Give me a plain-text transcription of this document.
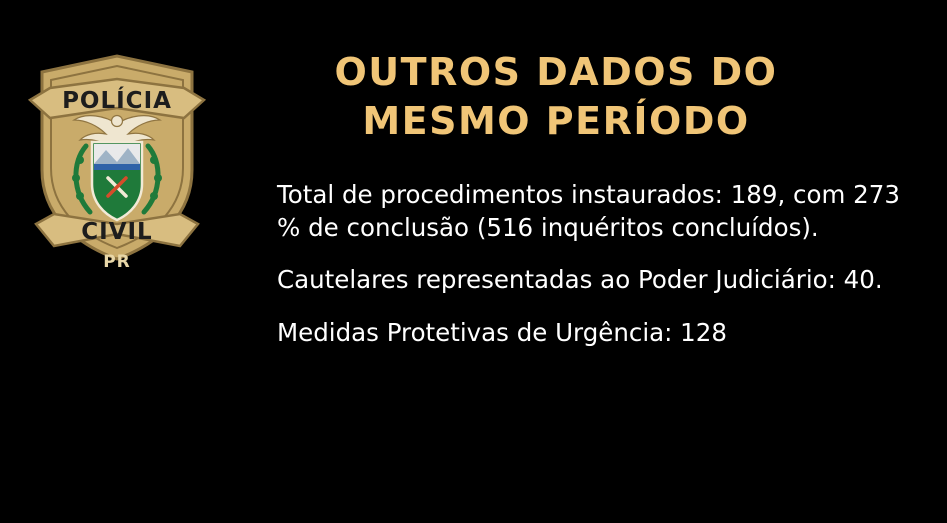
POLÍCIA
CIVIL
PR
OUTROS DADOS DO
MESMO PERÍODO

Total de procedimentos instaurados: 189, com 273 % de conclusão (516 inquéritos concluídos).

Cautelares representadas ao Poder Judiciário: 40.

Medidas Protetivas de Urgência: 128
